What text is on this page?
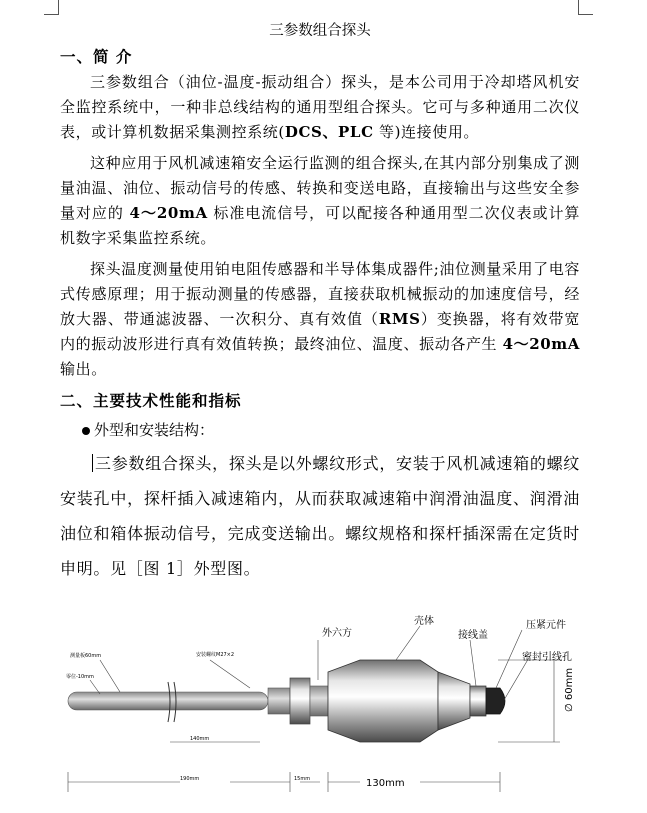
三参数组合探头
一、简 介

三参数组合（油位-温度-振动组合）探头，是本公司用于冷却塔风机安全监控系统中，一种非总线结构的通用型组合探头。它可与多种通用二次仪表，或计算机数据采集测控系统(DCS、PLC 等)连接使用。

这种应用于风机减速箱安全运行监测的组合探头,在其内部分别集成了测量油温、油位、振动信号的传感、转换和变送电路，直接输出与这些安全参量对应的 4～20mA 标准电流信号，可以配接各种通用型二次仪表或计算机数字采集监控系统。

探头温度测量使用铂电阻传感器和半导体集成器件;油位测量采用了电容式传感原理；用于振动测量的传感器，直接获取机械振动的加速度信号，经放大器、带通滤波器、一次积分、真有效值（RMS）变换器，将有效带宽内的振动波形进行真有效值转换；最终油位、温度、振动各产生 4～20mA 输出。

二、主要技术性能和指标
外型和安装结构：

三参数组合探头，探头是以外螺纹形式，安装于风机减速箱的螺纹安装孔中，探杆插入减速箱内，从而获取减速箱中润滑油温度、润滑油油位和箱体振动信号，完成变送输出。螺纹规格和探杆插深需在定货时申明。见［图 1］外型图。

外六方
壳体
接线盖
压紧元件
密封引线孔
测量板60mm
零位-10mm
安装螺纹M27×2
140mm
190mm	15mm	130mm
∅ 60mm
